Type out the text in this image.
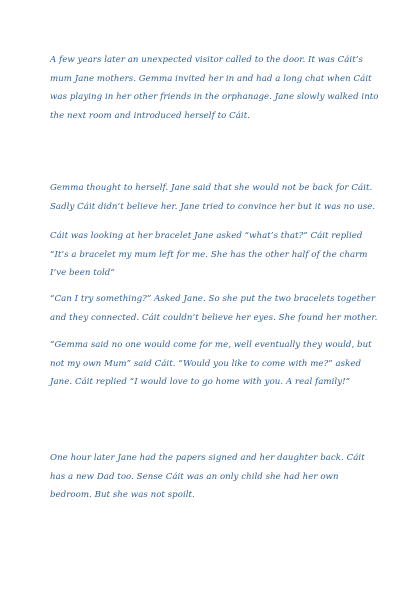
A few years later an unexpected visitor called to the door. It was Cáit’s mum Jane mothers. Gemma invited her in and had a long chat when Cáit was playing in her other friends in the orphanage. Jane slowly walked into the next room and introduced herself to Cáit.

Gemma thought to herself. Jane said that she would not be back for Cáit. Sadly Cáit didn’t believe her. Jane tried to convince her but it was no use.

Cáit was looking at her bracelet Jane asked “what’s that?” Cáit replied “It’s a bracelet my mum left for me. She has the other half of the charm I’ve been told”

“Can I try something?” Asked Jane. So she put the two bracelets together and they connected. Cáit couldn’t believe her eyes. She found her mother.

“Gemma said no one would come for me, well eventually they would, but not my own Mum” said Cáit. “Would you like to come with me?” asked Jane. Cáit replied “I would love to go home with you. A real family!”

One hour later Jane had the papers signed and her daughter back. Cáit has a new Dad too. Sense Cáit was an only child she had her own bedroom. But she was not spoilt.
